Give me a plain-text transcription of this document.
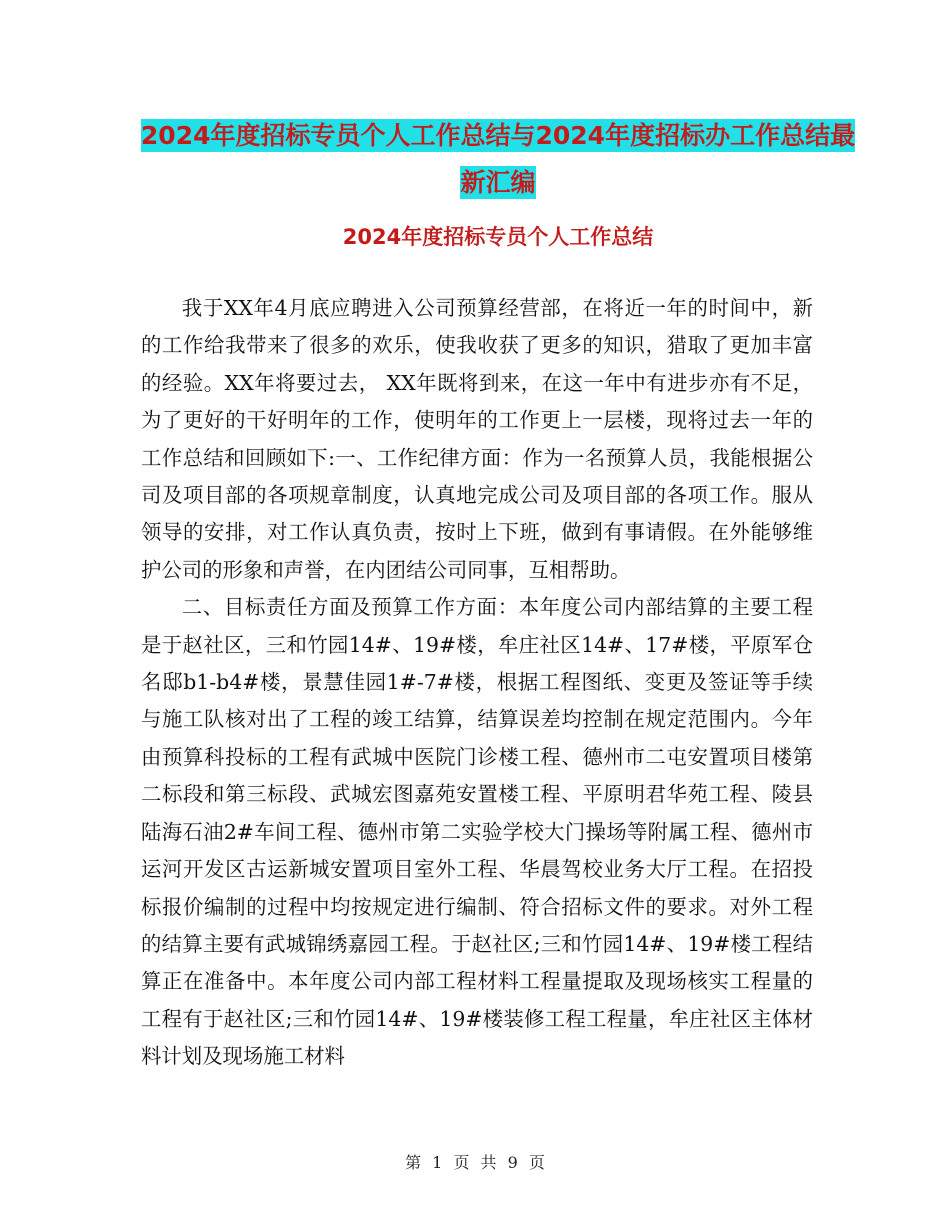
2024年度招标专员个人工作总结与2024年度招标办工作总结最新汇编
2024年度招标专员个人工作总结

我于XX年4月底应聘进入公司预算经营部，在将近一年的时间中，新的工作给我带来了很多的欢乐，使我收获了更多的知识，猎取了更加丰富的经验。XX年将要过去， XX年既将到来，在这一年中有进步亦有不足，为了更好的干好明年的工作，使明年的工作更上一层楼，现将过去一年的工作总结和回顾如下:一、工作纪律方面：作为一名预算人员，我能根据公司及项目部的各项规章制度，认真地完成公司及项目部的各项工作。服从领导的安排，对工作认真负责，按时上下班，做到有事请假。在外能够维护公司的形象和声誉，在内团结公司同事，互相帮助。

二、目标责任方面及预算工作方面：本年度公司内部结算的主要工程是于赵社区，三和竹园14#、19#楼，牟庄社区14#、17#楼，平原军仓名邸b1-b4#楼，景慧佳园1#-7#楼，根据工程图纸、变更及签证等手续与施工队核对出了工程的竣工结算，结算误差均控制在规定范围内。今年由预算科投标的工程有武城中医院门诊楼工程、德州市二屯安置项目楼第二标段和第三标段、武城宏图嘉苑安置楼工程、平原明君华苑工程、陵县陆海石油2#车间工程、德州市第二实验学校大门操场等附属工程、德州市运河开发区古运新城安置项目室外工程、华晨驾校业务大厅工程。在招投标报价编制的过程中均按规定进行编制、符合招标文件的要求。对外工程的结算主要有武城锦绣嘉园工程。于赵社区;三和竹园14#、19#楼工程结算正在准备中。本年度公司内部工程材料工程量提取及现场核实工程量的工程有于赵社区;三和竹园14#、19#楼装修工程工程量，牟庄社区主体材料计划及现场施工材料

第 1 页 共 9 页
